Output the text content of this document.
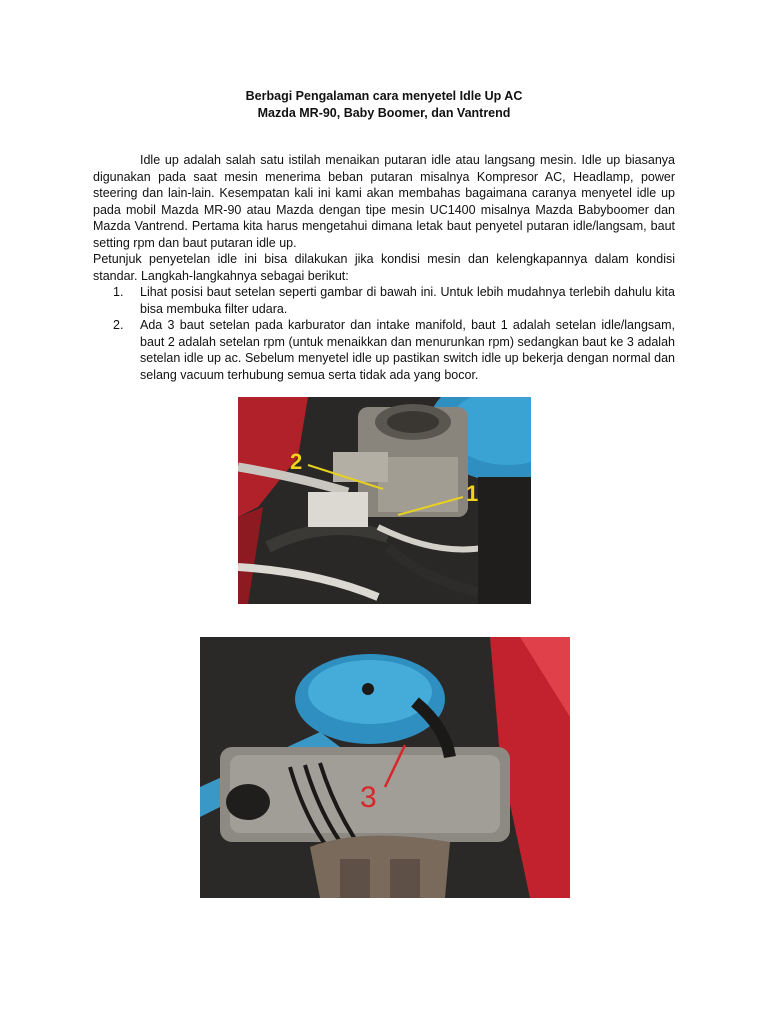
Berbagi Pengalaman cara menyetel Idle Up AC
Mazda MR-90, Baby Boomer, dan Vantrend

Idle up adalah salah satu istilah menaikan putaran idle atau langsang mesin. Idle up biasanya digunakan pada saat mesin menerima beban putaran misalnya Kompresor AC, Headlamp, power steering dan lain-lain. Kesempatan kali ini kami akan membahas bagaimana caranya menyetel idle up pada mobil Mazda MR-90 atau Mazda dengan tipe mesin UC1400 misalnya Mazda Babyboomer dan Mazda Vantrend. Pertama kita harus mengetahui dimana letak baut penyetel putaran idle/langsam, baut setting rpm dan baut putaran idle up.

Petunjuk penyetelan idle ini bisa dilakukan jika kondisi mesin dan kelengkapannya dalam kondisi standar. Langkah-langkahnya sebagai berikut:

1. Lihat posisi baut setelan seperti gambar di bawah ini. Untuk lebih mudahnya terlebih dahulu kita bisa membuka filter udara.
2. Ada 3 baut setelan pada karburator dan intake manifold, baut 1 adalah setelan idle/langsam, baut 2 adalah setelan rpm (untuk menaikkan dan menurunkan rpm) sedangkan baut ke 3 adalah setelan idle up ac. Sebelum menyetel idle up pastikan switch idle up bekerja dengan normal dan selang vacuum terhubung semua serta tidak ada yang bocor.
2
1
3
